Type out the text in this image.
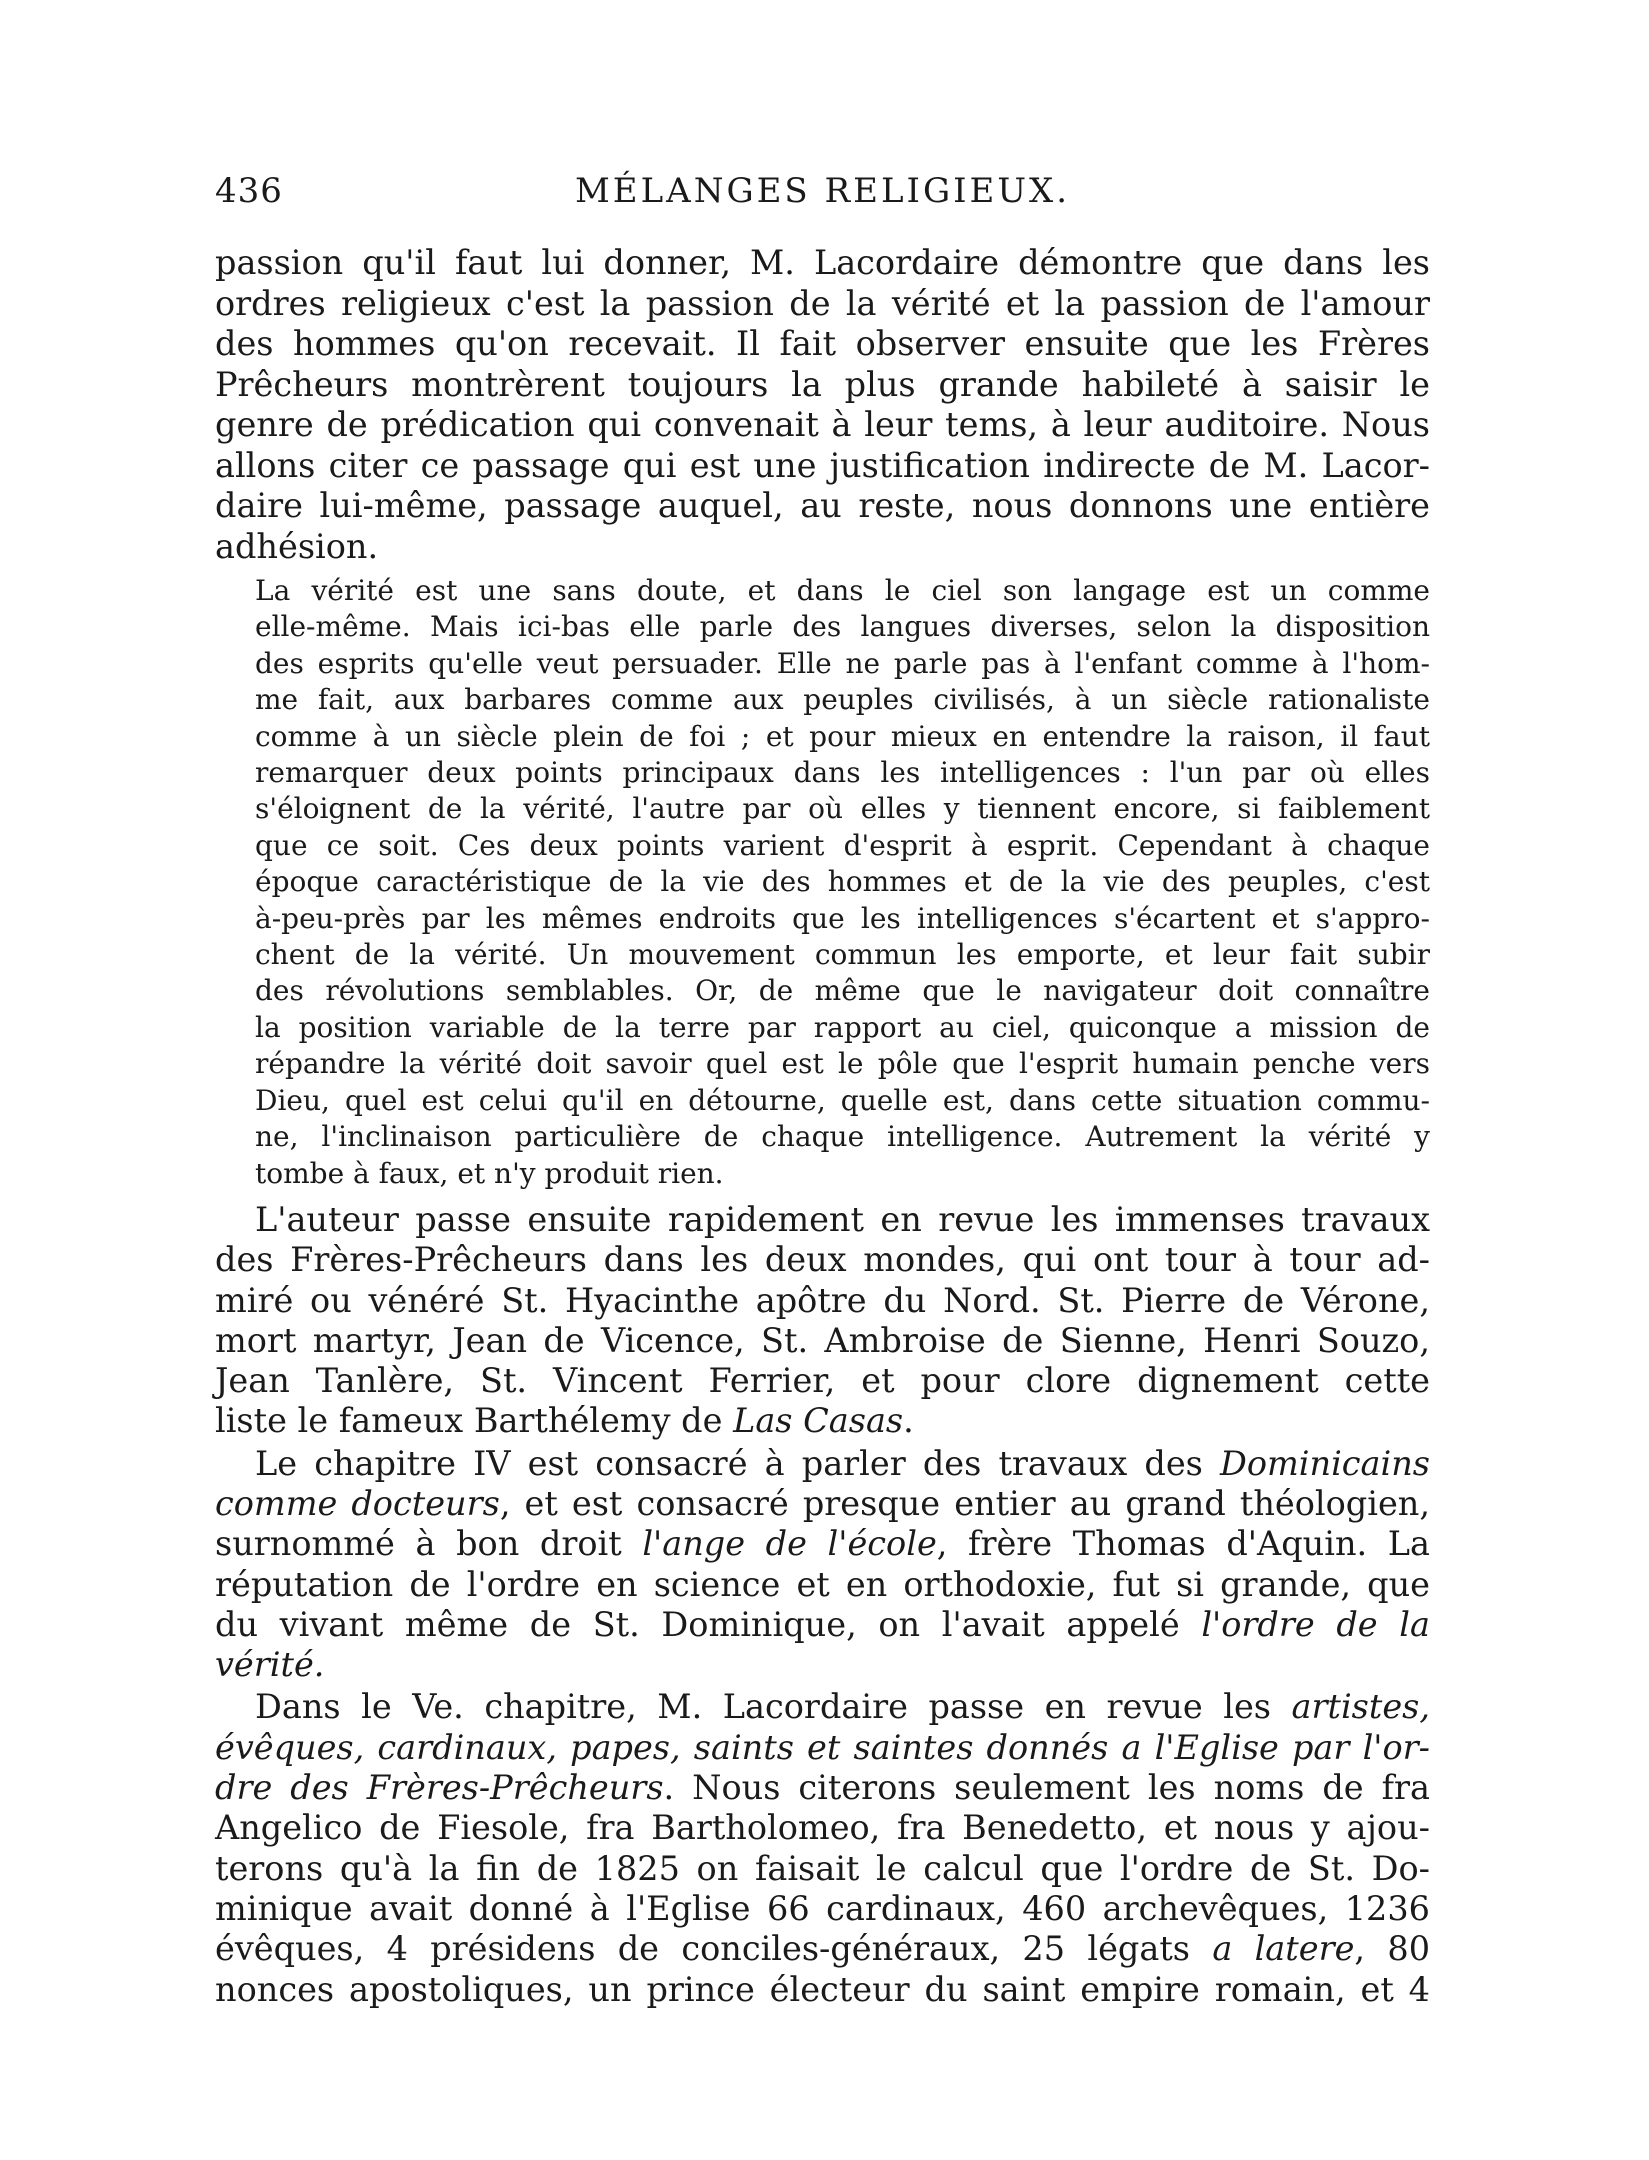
436	MÉLANGES RELIGIEUX.
passion qu'il faut lui donner, M. Lacordaire démontre que dans les
ordres religieux c'est la passion de la vérité et la passion de l'amour
des hommes qu'on recevait. Il fait observer ensuite que les Frères
Prêcheurs montrèrent toujours la plus grande habileté à saisir le
genre de prédication qui convenait à leur tems, à leur auditoire. Nous
allons citer ce passage qui est une justification indirecte de M. Lacor-
daire lui-même, passage auquel, au reste, nous donnons une entière
adhésion.
La vérité est une sans doute, et dans le ciel son langage est un comme
elle-même. Mais ici-bas elle parle des langues diverses, selon la disposition
des esprits qu'elle veut persuader. Elle ne parle pas à l'enfant comme à l'hom-
me fait, aux barbares comme aux peuples civilisés, à un siècle rationaliste
comme à un siècle plein de foi ; et pour mieux en entendre la raison, il faut
remarquer deux points principaux dans les intelligences : l'un par où elles
s'éloignent de la vérité, l'autre par où elles y tiennent encore, si faiblement
que ce soit. Ces deux points varient d'esprit à esprit. Cependant à chaque
époque caractéristique de la vie des hommes et de la vie des peuples, c'est
à-peu-près par les mêmes endroits que les intelligences s'écartent et s'appro-
chent de la vérité. Un mouvement commun les emporte, et leur fait subir
des révolutions semblables. Or, de même que le navigateur doit connaître
la position variable de la terre par rapport au ciel, quiconque a mission de
répandre la vérité doit savoir quel est le pôle que l'esprit humain penche vers
Dieu, quel est celui qu'il en détourne, quelle est, dans cette situation commu-
ne, l'inclinaison particulière de chaque intelligence. Autrement la vérité y
tombe à faux, et n'y produit rien.
L'auteur passe ensuite rapidement en revue les immenses travaux
des Frères-Prêcheurs dans les deux mondes, qui ont tour à tour ad-
miré ou vénéré St. Hyacinthe apôtre du Nord. St. Pierre de Vérone,
mort martyr, Jean de Vicence, St. Ambroise de Sienne, Henri Souzo,
Jean Tanlère, St. Vincent Ferrier, et pour clore dignement cette
liste le fameux Barthélemy de Las Casas.
Le chapitre IV est consacré à parler des travaux des Dominicains
comme docteurs, et est consacré presque entier au grand théologien,
surnommé à bon droit l'ange de l'école, frère Thomas d'Aquin. La
réputation de l'ordre en science et en orthodoxie, fut si grande, que
du vivant même de St. Dominique, on l'avait appelé l'ordre de la
vérité.
Dans le Ve. chapitre, M. Lacordaire passe en revue les artistes,
évêques, cardinaux, papes, saints et saintes donnés a l'Eglise par l'or-
dre des Frères-Prêcheurs. Nous citerons seulement les noms de fra
Angelico de Fiesole, fra Bartholomeo, fra Benedetto, et nous y ajou-
terons qu'à la fin de 1825 on faisait le calcul que l'ordre de St. Do-
minique avait donné à l'Eglise 66 cardinaux, 460 archevêques, 1236
évêques, 4 présidens de conciles-généraux, 25 légats a latere, 80
nonces apostoliques, un prince électeur du saint empire romain, et 4
